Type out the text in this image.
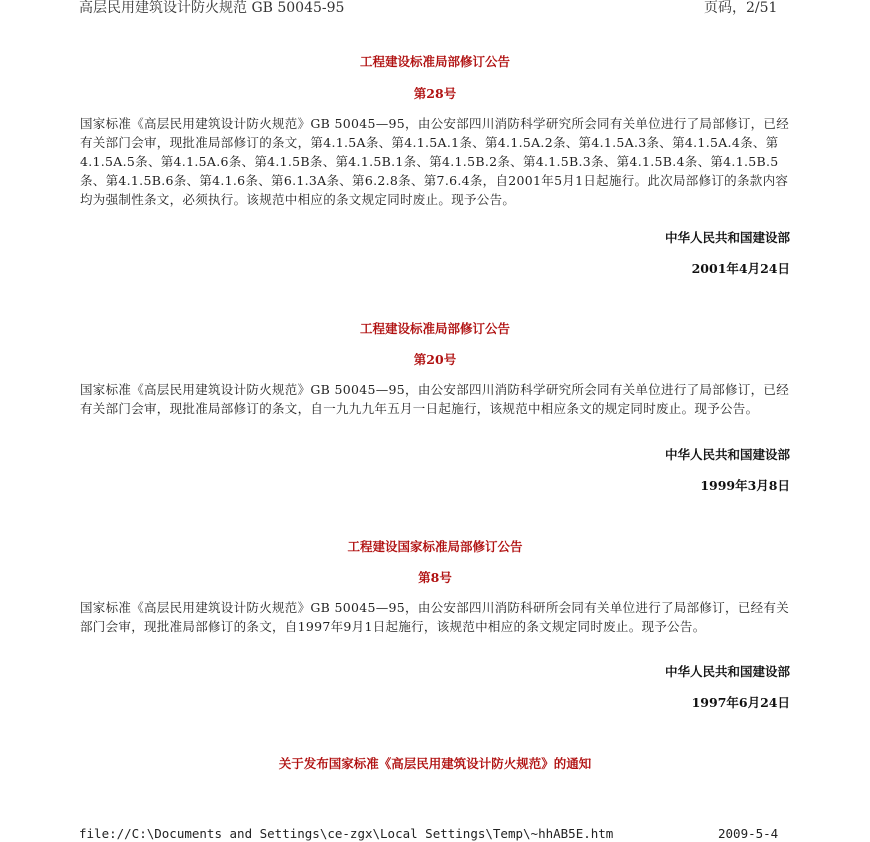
高层民用建筑设计防火规范 GB 50045-95	页码，2/51
工程建设标准局部修订公告
第28号

国家标准《高层民用建筑设计防火规范》GB 50045—95，由公安部四川消防科学研究所会同有关单位进行了局部修订，已经有关部门会审，现批准局部修订的条文，第4.1.5A条、第4.1.5A.1条、第4.1.5A.2条、第4.1.5A.3条、第4.1.5A.4条、第4.1.5A.5条、第4.1.5A.6条、第4.1.5B条、第4.1.5B.1条、第4.1.5B.2条、第4.1.5B.3条、第4.1.5B.4条、第4.1.5B.5条、第4.1.5B.6条、第4.1.6条、第6.1.3A条、第6.2.8条、第7.6.4条，自2001年5月1日起施行。此次局部修订的条款内容均为强制性条文，必须执行。该规范中相应的条文规定同时废止。现予公告。

中华人民共和国建设部
2001年4月24日
工程建设标准局部修订公告
第20号

国家标准《高层民用建筑设计防火规范》GB 50045—95，由公安部四川消防科学研究所会同有关单位进行了局部修订，已经有关部门会审，现批准局部修订的条文，自一九九九年五月一日起施行，该规范中相应条文的规定同时废止。现予公告。

中华人民共和国建设部
1999年3月8日
工程建设国家标准局部修订公告
第8号

国家标准《高层民用建筑设计防火规范》GB 50045—95，由公安部四川消防科研所会同有关单位进行了局部修订，已经有关部门会审，现批准局部修订的条文，自1997年9月1日起施行，该规范中相应的条文规定同时废止。现予公告。

中华人民共和国建设部
1997年6月24日
关于发布国家标准《高层民用建筑设计防火规范》的通知
file://C:\Documents and Settings\ce-zgx\Local Settings\Temp\~hhAB5E.htm	2009-5-4
